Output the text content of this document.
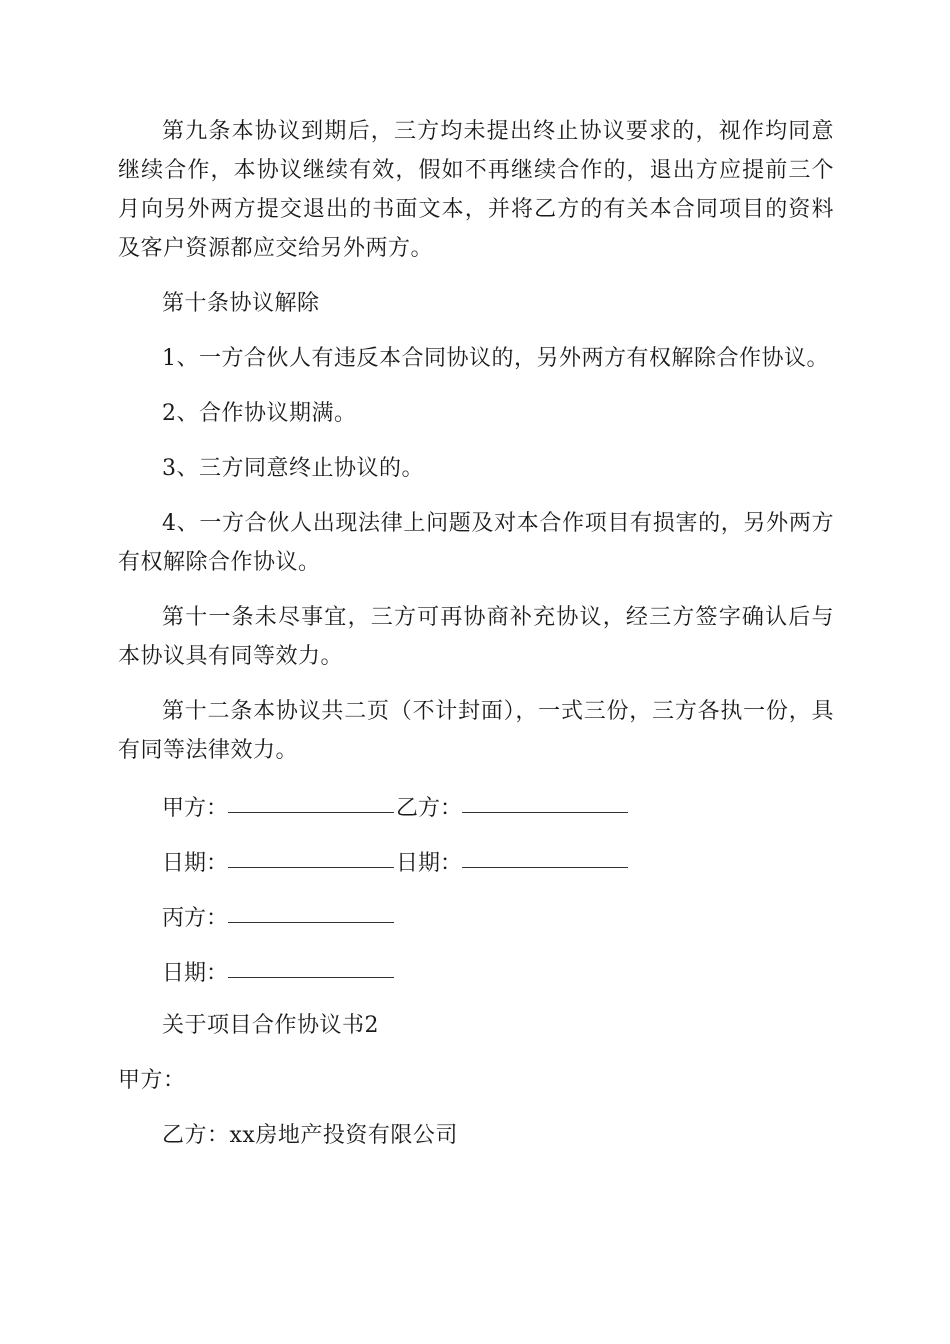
第九条本协议到期后，三方均未提出终止协议要求的，视作均同意继续合作，本协议继续有效，假如不再继续合作的，退出方应提前三个月向另外两方提交退出的书面文本，并将乙方的有关本合同项目的资料及客户资源都应交给另外两方。

第十条协议解除

1、一方合伙人有违反本合同协议的，另外两方有权解除合作协议。

2、合作协议期满。

3、三方同意终止协议的。

4、一方合伙人出现法律上问题及对本合作项目有损害的，另外两方有权解除合作协议。

第十一条未尽事宜，三方可再协商补充协议，经三方签字确认后与本协议具有同等效力。

第十二条本协议共二页（不计封面），一式三份，三方各执一份，具有同等法律效力。

甲方：	乙方：
日期：	日期：
丙方：
日期：

关于项目合作协议书2

甲方：

乙方：xx房地产投资有限公司
